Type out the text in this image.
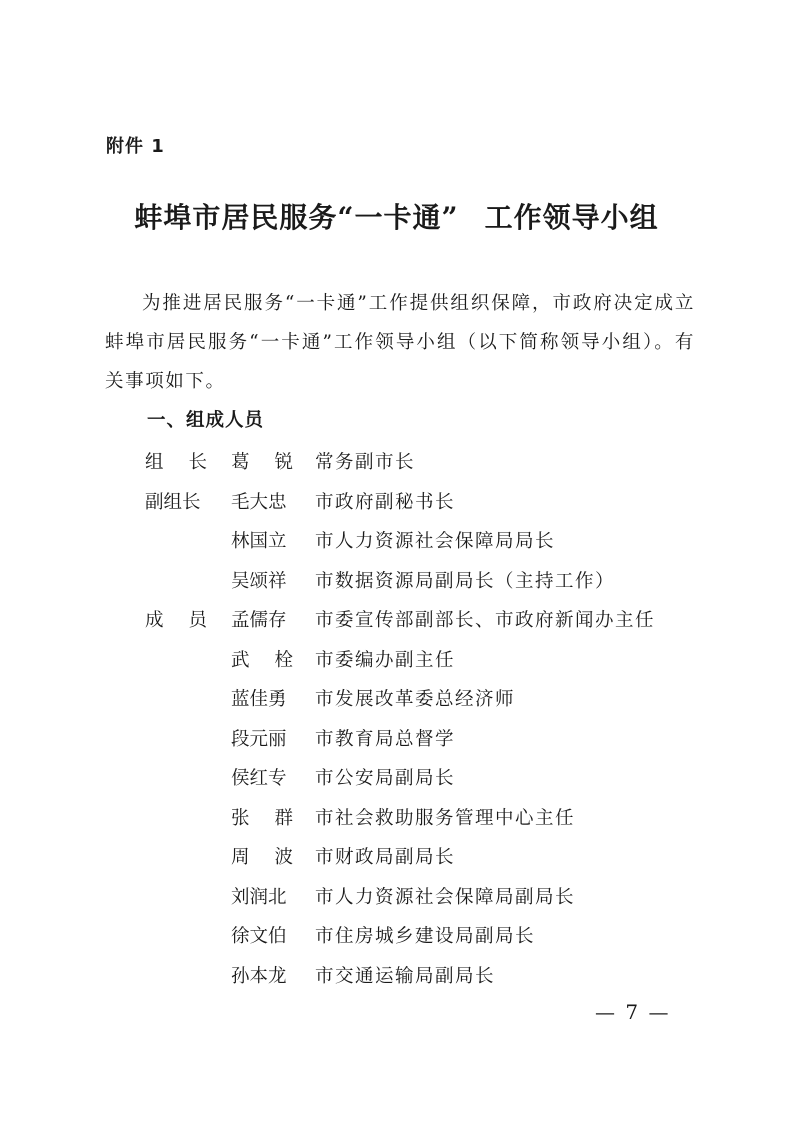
附件 1
蚌埠市居民服务“一卡通” 工作领导小组
为推进居民服务“一卡通”工作提供组织保障，市政府决定成立蚌埠市居民服务“一卡通”工作领导小组（以下简称领导小组）。有关事项如下。
一、组成人员
组长 葛锐 常务副市长
副组长	毛大忠	市政府副秘书长
林国立	市人力资源社会保障局局长
吴颂祥	市数据资源局副局长（主持工作）
成员 孟儒存	市委宣传部副部长、市政府新闻办主任
武栓 市委编办副主任
蓝佳勇	市发展改革委总经济师
段元丽	市教育局总督学
侯红专	市公安局副局长
张群 市社会救助服务管理中心主任
周波 市财政局副局长
刘润北	市人力资源社会保障局副局长
徐文伯	市住房城乡建设局副局长
孙本龙	市交通运输局副局长
— 7 —
